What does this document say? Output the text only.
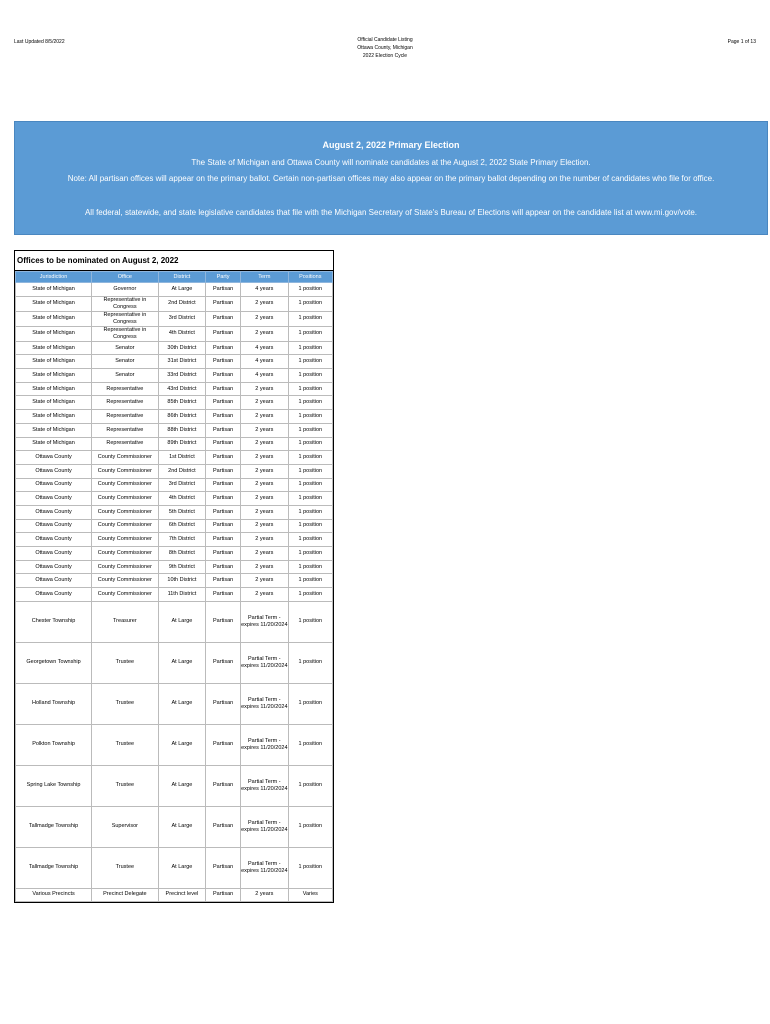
Last Updated 8/5/2022	Official Candidate Listing
Ottawa County, Michigan
2022 Election Cycle
Page 1 of 13
August 2, 2022 Primary Election
The State of Michigan and Ottawa County will nominate candidates at the August 2, 2022 State Primary Election.
Note: All partisan offices will appear on the primary ballot. Certain non-partisan offices may also appear on the primary ballot depending on the number of candidates who file for office.
All federal, statewide, and state legislative candidates that file with the Michigan Secretary of State's Bureau of Elections will appear on the candidate list at www.mi.gov/vote.
Offices to be nominated on August 2, 2022
Jurisdiction	Office	District	Party	Term	Positions
State of Michigan	Governor	At Large	Partisan	4 years	1 position
State of Michigan	Representative in Congress	2nd District	Partisan	2 years	1 position
State of Michigan	Representative in Congress	3rd District	Partisan	2 years	1 position
State of Michigan	Representative in Congress	4th District	Partisan	2 years	1 position
State of Michigan	Senator	30th District	Partisan	4 years	1 position
State of Michigan	Senator	31st District	Partisan	4 years	1 position
State of Michigan	Senator	33rd District	Partisan	4 years	1 position
State of Michigan	Representative	43rd District	Partisan	2 years	1 position
State of Michigan	Representative	85th District	Partisan	2 years	1 position
State of Michigan	Representative	86th District	Partisan	2 years	1 position
State of Michigan	Representative	88th District	Partisan	2 years	1 position
State of Michigan	Representative	89th District	Partisan	2 years	1 position
Ottawa County	County Commissioner	1st District	Partisan	2 years	1 position
Ottawa County	County Commissioner	2nd District	Partisan	2 years	1 position
Ottawa County	County Commissioner	3rd District	Partisan	2 years	1 position
Ottawa County	County Commissioner	4th District	Partisan	2 years	1 position
Ottawa County	County Commissioner	5th District	Partisan	2 years	1 position
Ottawa County	County Commissioner	6th District	Partisan	2 years	1 position
Ottawa County	County Commissioner	7th District	Partisan	2 years	1 position
Ottawa County	County Commissioner	8th District	Partisan	2 years	1 position
Ottawa County	County Commissioner	9th District	Partisan	2 years	1 position
Ottawa County	County Commissioner	10th District	Partisan	2 years	1 position
Ottawa County	County Commissioner	11th District	Partisan	2 years	1 position
Chester Township	Treasurer	At Large	Partisan	Partial Term - expires 11/20/2024	1 position
Georgetown Township	Trustee	At Large	Partisan	Partial Term - expires 11/20/2024	1 position
Holland Township	Trustee	At Large	Partisan	Partial Term - expires 11/20/2024	1 position
Polkton Township	Trustee	At Large	Partisan	Partial Term - expires 11/20/2024	1 position
Spring Lake Township	Trustee	At Large	Partisan	Partial Term - expires 11/20/2024	1 position
Tallmadge Township	Supervisor	At Large	Partisan	Partial Term - expires 11/20/2024	1 position
Tallmadge Township	Trustee	At Large	Partisan	Partial Term - expires 11/20/2024	1 position
Various Precincts	Precinct Delegate	Precinct level	Partisan	2 years	Varies
